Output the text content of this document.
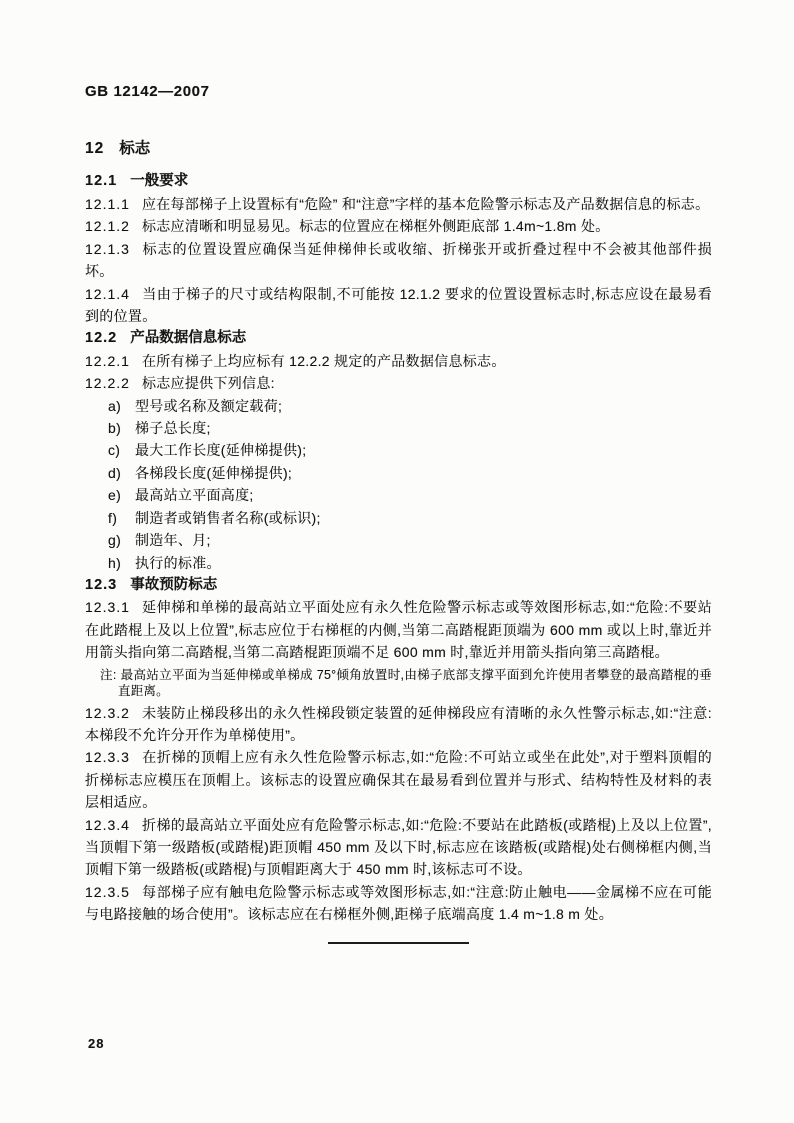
GB 12142—2007
12 标志
12.1 一般要求

12.1.1 应在每部梯子上设置标有“危险” 和“注意”字样的基本危险警示标志及产品数据信息的标志。

12.1.2 标志应清晰和明显易见。标志的位置应在梯框外侧距底部 1.4m~1.8m 处。

12.1.3 标志的位置设置应确保当延伸梯伸长或收缩、折梯张开或折叠过程中不会被其他部件损坏。

12.1.4 当由于梯子的尺寸或结构限制,不可能按 12.1.2 要求的位置设置标志时,标志应设在最易看到的位置。

12.2 产品数据信息标志

12.2.1 在所有梯子上均应标有 12.2.2 规定的产品数据信息标志。

12.2.2 标志应提供下列信息:

a) 型号或名称及额定载荷;

b) 梯子总长度;

c) 最大工作长度(延伸梯提供);

d) 各梯段长度(延伸梯提供);

e) 最高站立平面高度;

f) 制造者或销售者名称(或标识);

g) 制造年、月;

h) 执行的标准。

12.3 事故预防标志

12.3.1 延伸梯和单梯的最高站立平面处应有永久性危险警示标志或等效图形标志,如:“危险:不要站在此踏棍上及以上位置”,标志应位于右梯框的内侧,当第二高踏棍距顶端为 600 mm 或以上时,靠近并用箭头指向第二高踏棍,当第二高踏棍距顶端不足 600 mm 时,靠近并用箭头指向第三高踏棍。

注: 最高站立平面为当延伸梯或单梯成 75°倾角放置时,由梯子底部支撑平面到允许使用者攀登的最高踏棍的垂直距离。

12.3.2 未装防止梯段移出的永久性梯段锁定装置的延伸梯段应有清晰的永久性警示标志,如:“注意:本梯段不允许分开作为单梯使用”。

12.3.3 在折梯的顶帽上应有永久性危险警示标志,如:“危险:不可站立或坐在此处”,对于塑料顶帽的折梯标志应模压在顶帽上。该标志的设置应确保其在最易看到位置并与形式、结构特性及材料的表层相适应。

12.3.4 折梯的最高站立平面处应有危险警示标志,如:“危险:不要站在此踏板(或踏棍)上及以上位置”,当顶帽下第一级踏板(或踏棍)距顶帽 450 mm 及以下时,标志应在该踏板(或踏棍)处右侧梯框内侧,当顶帽下第一级踏板(或踏棍)与顶帽距离大于 450 mm 时,该标志可不设。

12.3.5 每部梯子应有触电危险警示标志或等效图形标志,如:“注意:防止触电——金属梯不应在可能与电路接触的场合使用”。该标志应在右梯框外侧,距梯子底端高度 1.4 m~1.8 m 处。

28
